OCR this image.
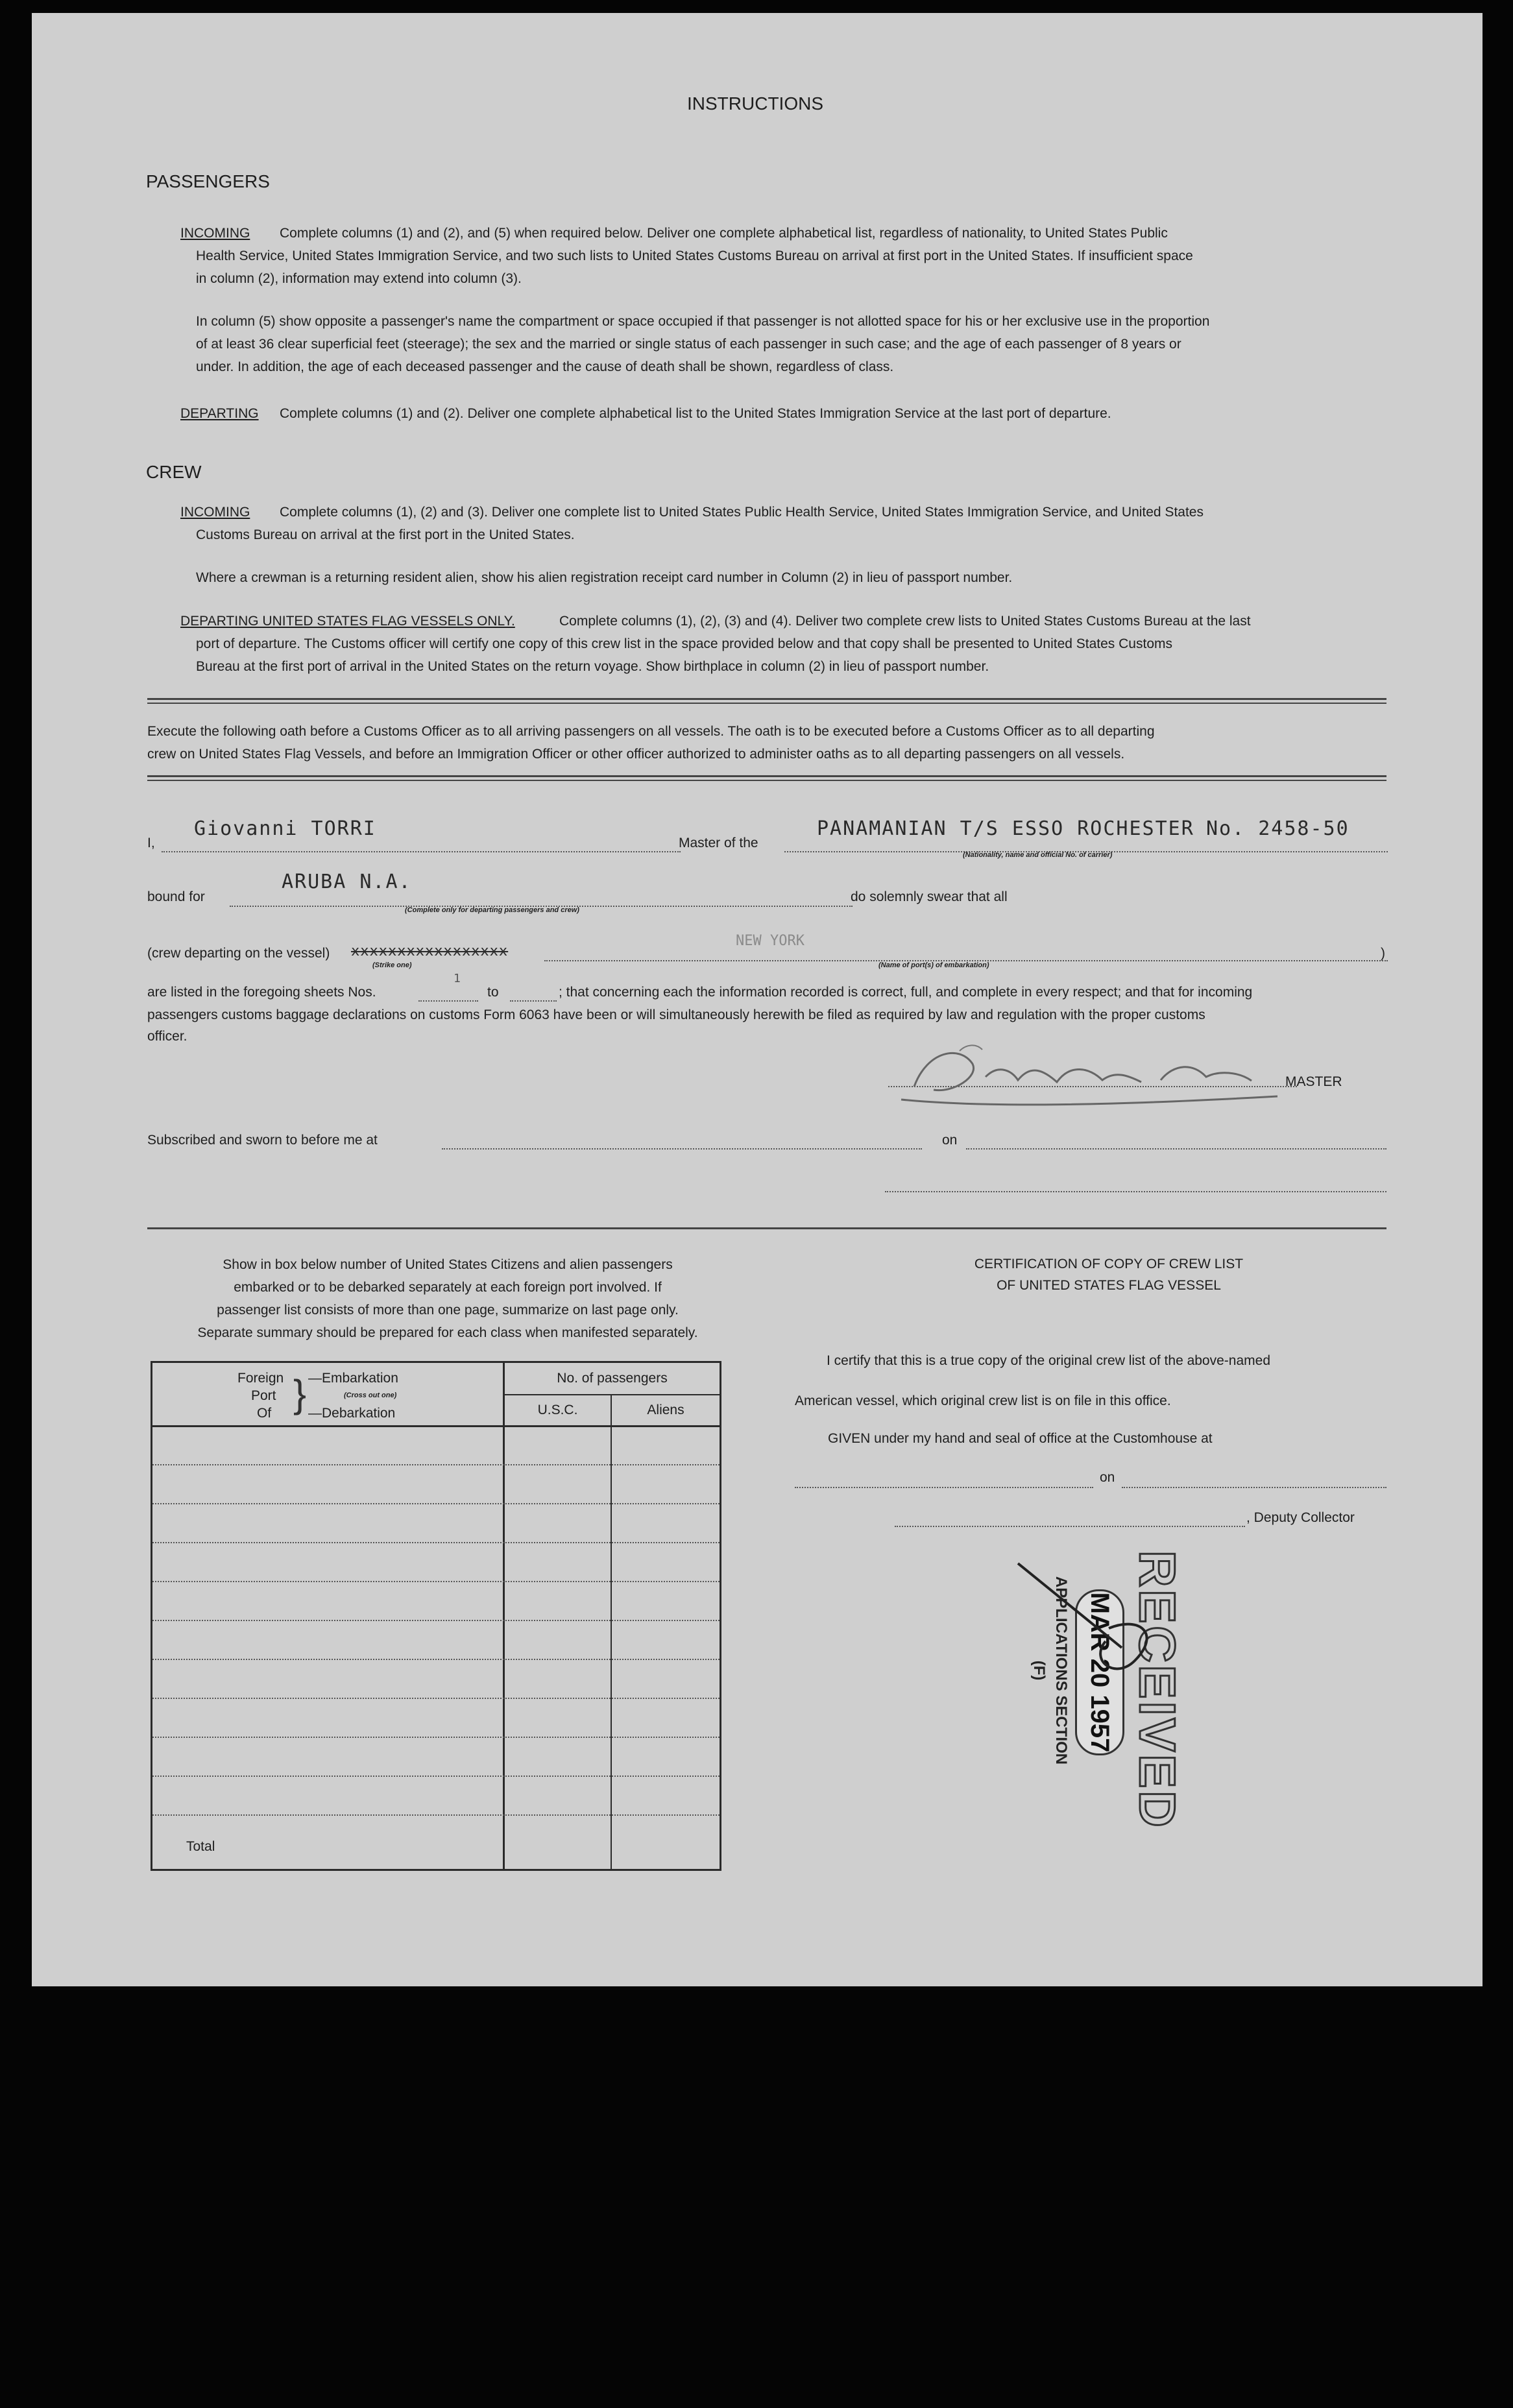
INSTRUCTIONS
PASSENGERS
INCOMING Complete columns (1) and (2), and (5) when required below. Deliver one complete alphabetical list, regardless of nationality, to United States Public
Health Service, United States Immigration Service, and two such lists to United States Customs Bureau on arrival at first port in the United States. If insufficient space
in column (2), information may extend into column (3).
In column (5) show opposite a passenger's name the compartment or space occupied if that passenger is not allotted space for his or her exclusive use in the proportion
of at least 36 clear superficial feet (steerage); the sex and the married or single status of each passenger in such case; and the age of each passenger of 8 years or
under. In addition, the age of each deceased passenger and the cause of death shall be shown, regardless of class.
DEPARTING Complete columns (1) and (2). Deliver one complete alphabetical list to the United States Immigration Service at the last port of departure.
CREW
INCOMING Complete columns (1), (2) and (3). Deliver one complete list to United States Public Health Service, United States Immigration Service, and United States
Customs Bureau on arrival at the first port in the United States.
Where a crewman is a returning resident alien, show his alien registration receipt card number in Column (2) in lieu of passport number.
DEPARTING UNITED STATES FLAG VESSELS ONLY.	Complete columns (1), (2), (3) and (4). Deliver two complete crew lists to United States Customs Bureau at the last
port of departure. The Customs officer will certify one copy of this crew list in the space provided below and that copy shall be presented to United States Customs
Bureau at the first port of arrival in the United States on the return voyage. Show birthplace in column (2) in lieu of passport number.
Execute the following oath before a Customs Officer as to all arriving passengers on all vessels. The oath is to be executed before a Customs Officer as to all departing
crew on United States Flag Vessels, and before an Immigration Officer or other officer authorized to administer oaths as to all departing passengers on all vessels.
I,
Giovanni TORRI
Master of the
PANAMANIAN T/S ESSO ROCHESTER No. 2458-50
(Nationality, name and official No. of carrier)
bound for
ARUBA N.A.
(Complete only for departing passengers and crew)
do solemnly swear that all
(crew departing on the vessel) xxxxxxxxxxxxxxxxx
(Strike one)
NEW YORK
(Name of port(s) of embarkation)
)
are listed in the foregoing sheets Nos.
1
to	; that concerning each the information recorded is correct, full, and complete in every respect; and that for incoming
passengers customs baggage declarations on customs Form 6063 have been or will simultaneously herewith be filed as required by law and regulation with the proper customs
officer.
MASTER
Subscribed and sworn to before me at	on
Show in box below number of United States Citizens and alien passengers
embarked or to be debarked separately at each foreign port involved. If
passenger list consists of more than one page, summarize on last page only.
Separate summary should be prepared for each class when manifested separately.
Foreign
Port
Of } —Embarkation
(Cross out one)
—Debarkation
No. of passengers
U.S.C.	Aliens
Total
CERTIFICATION OF COPY OF CREW LIST
OF UNITED STATES FLAG VESSEL
I certify that this is a true copy of the original crew list of the above-named
American vessel, which original crew list is on file in this office.
GIVEN under my hand and seal of office at the Customhouse at
on
, Deputy Collector
RECEIVED
MAR 20 1957
APPLICATIONS SECTION
(F)
